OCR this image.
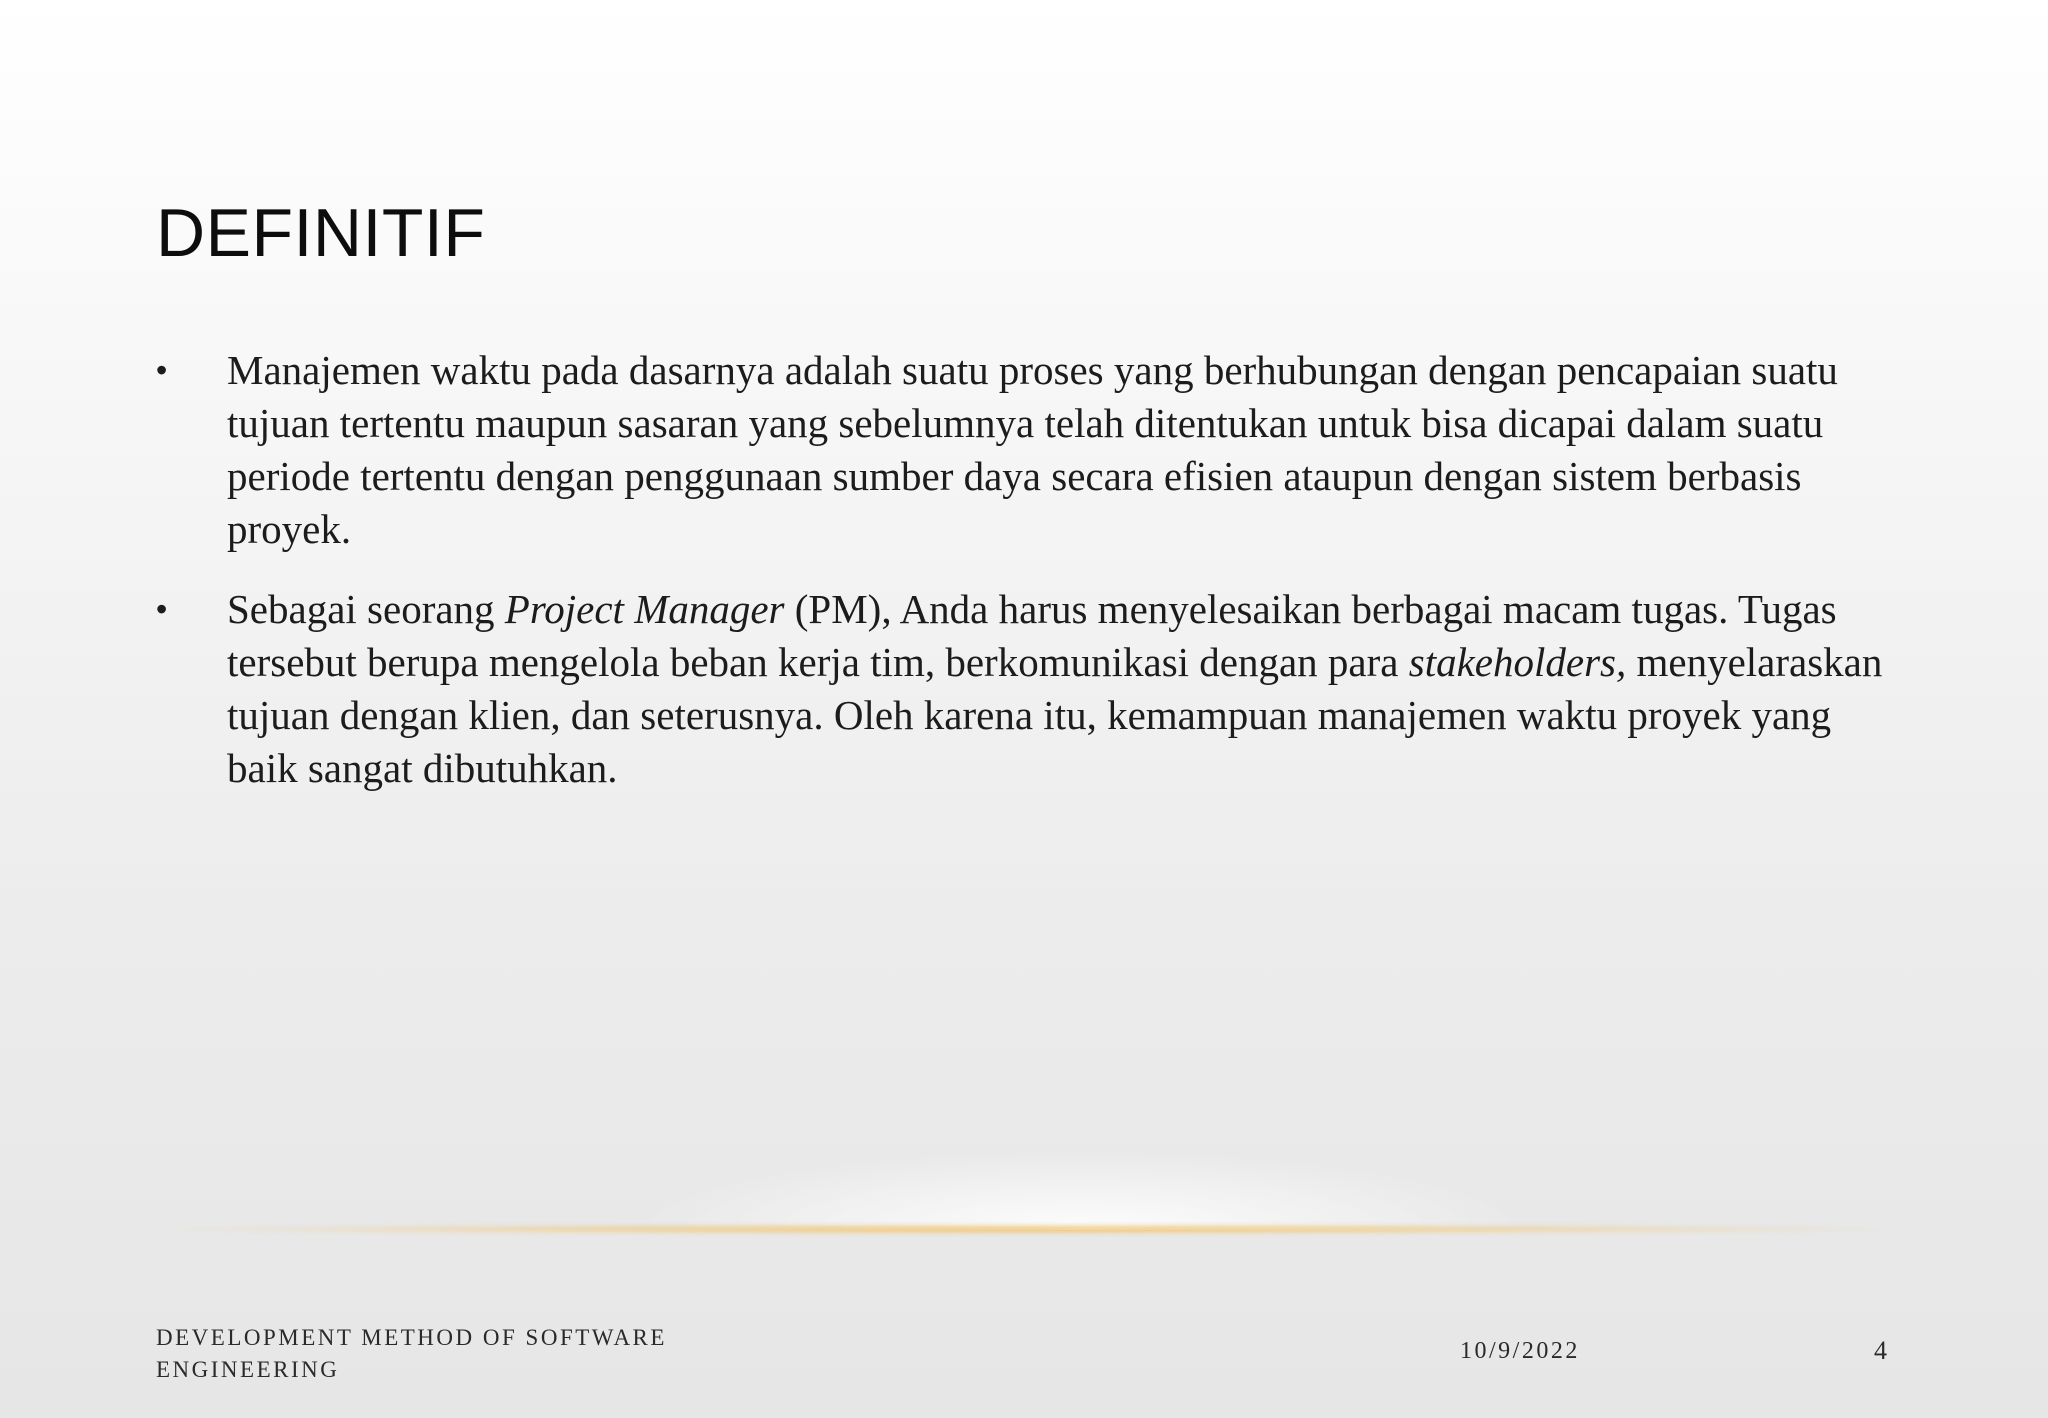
DEFINITIF
• Manajemen waktu pada dasarnya adalah suatu proses yang berhubungan dengan pencapaian suatu tujuan tertentu maupun sasaran yang sebelumnya telah ditentukan untuk bisa dicapai dalam suatu periode tertentu dengan penggunaan sumber daya secara efisien ataupun dengan sistem berbasis proyek.
• Sebagai seorang Project Manager (PM), Anda harus menyelesaikan berbagai macam tugas. Tugas tersebut berupa mengelola beban kerja tim, berkomunikasi dengan para stakeholders, menyelaraskan tujuan dengan klien, dan seterusnya. Oleh karena itu, kemampuan manajemen waktu proyek yang baik sangat dibutuhkan.
DEVELOPMENT METHOD OF SOFTWARE ENGINEERING
10/9/2022	4
